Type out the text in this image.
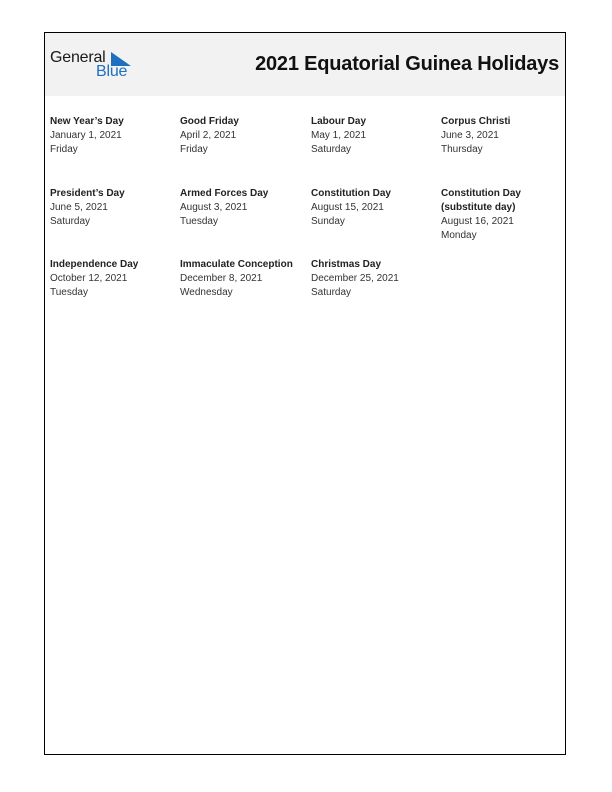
General
Blue	2021 Equatorial Guinea Holidays
New Year’s Day
January 1, 2021
Friday
Good Friday
April 2, 2021
Friday
Labour Day
May 1, 2021
Saturday
Corpus Christi
June 3, 2021
Thursday
President’s Day
June 5, 2021
Saturday
Armed Forces Day
August 3, 2021
Tuesday
Constitution Day
August 15, 2021
Sunday
Constitution Day
(substitute day)
August 16, 2021
Monday
Independence Day
October 12, 2021
Tuesday
Immaculate Conception
December 8, 2021
Wednesday
Christmas Day
December 25, 2021
Saturday
